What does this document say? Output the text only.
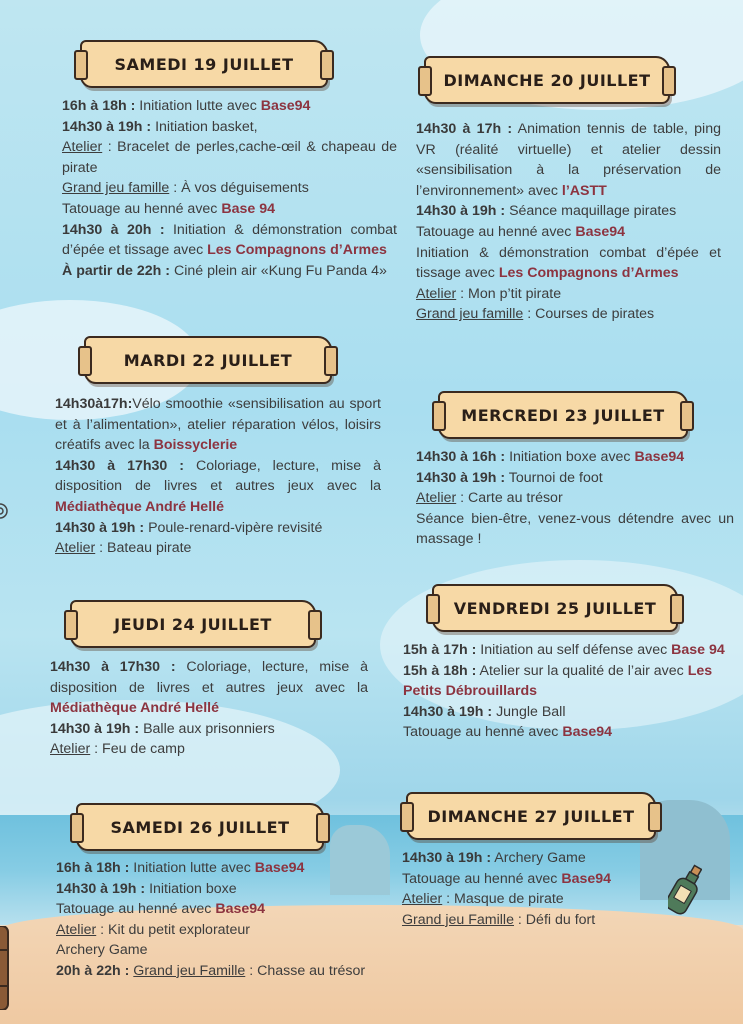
SAMEDI 19 JUILLET

16h à 18h : Initiation lutte avec Base94

14h30 à 19h : Initiation basket,

Atelier : Bracelet de perles,cache-œil & chapeau de pirate

Grand jeu famille : À vos déguisements

Tatouage au henné avec Base 94

14h30 à 20h : Initiation & démonstration combat d’épée et tissage avec Les Compagnons d’Armes

À partir de 22h : Ciné plein air «Kung Fu Panda 4»

DIMANCHE 20 JUILLET

14h30 à 17h : Animation tennis de table, ping VR (réalité virtuelle) et atelier dessin «sensibilisation à la préservation de l’environnement» avec l’ASTT

14h30 à 19h : Séance maquillage pirates

Tatouage au henné avec Base94

Initiation & démonstration combat d’épée et tissage avec Les Compagnons d’Armes

Atelier : Mon p’tit pirate

Grand jeu famille : Courses de pirates

MARDI 22 JUILLET

14h30à17h:Vélo smoothie «sensibilisation au sport et à l’alimentation», atelier réparation vélos, loisirs créatifs avec la Boissyclerie

14h30 à 17h30 : Coloriage, lecture, mise à disposition de livres et autres jeux avec la Médiathèque André Hellé

14h30 à 19h : Poule-renard-vipère revisité

Atelier : Bateau pirate

MERCREDI 23 JUILLET

14h30 à 16h : Initiation boxe avec Base94

14h30 à 19h : Tournoi de foot

Atelier : Carte au trésor

Séance bien-être, venez-vous détendre avec un massage !

JEUDI 24 JUILLET

14h30 à 17h30 : Coloriage, lecture, mise à disposition de livres et autres jeux avec la Médiathèque André Hellé

14h30 à 19h : Balle aux prisonniers

Atelier : Feu de camp

VENDREDI 25 JUILLET

15h à 17h : Initiation au self défense avec Base 94

15h à 18h : Atelier sur la qualité de l’air avec Les Petits Débrouillards

14h30 à 19h : Jungle Ball

Tatouage au henné avec Base94

SAMEDI 26 JUILLET

16h à 18h : Initiation lutte avec Base94

14h30 à 19h : Initiation boxe

Tatouage au henné avec Base94

Atelier : Kit du petit explorateur

Archery Game

20h à 22h : Grand jeu Famille : Chasse au trésor

DIMANCHE 27 JUILLET

14h30 à 19h : Archery Game

Tatouage au henné avec Base94

Atelier : Masque de pirate

Grand jeu Famille : Défi du fort
